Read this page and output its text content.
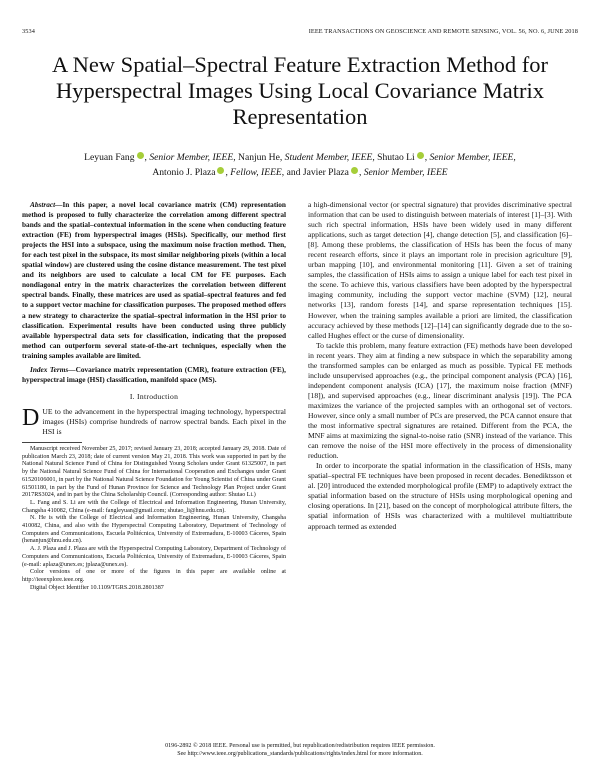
3534	IEEE TRANSACTIONS ON GEOSCIENCE AND REMOTE SENSING, VOL. 56, NO. 6, JUNE 2018
A New Spatial–Spectral Feature Extraction Method for Hyperspectral Images Using Local Covariance Matrix Representation
Leyuan Fang , Senior Member, IEEE, Nanjun He, Student Member, IEEE, Shutao Li , Senior Member, IEEE,
Antonio J. Plaza , Fellow, IEEE, and Javier Plaza , Senior Member, IEEE

Abstract—In this paper, a novel local covariance matrix (CM) representation method is proposed to fully characterize the correlation among different spectral bands and the spatial–contextual information in the scene when conducting feature extraction (FE) from hyperspectral images (HSIs). Specifically, our method first projects the HSI into a subspace, using the maximum noise fraction method. Then, for each test pixel in the subspace, its most similar neighboring pixels (within a local spatial window) are clustered using the cosine distance measurement. The test pixel and its neighbors are used to calculate a local CM for FE purposes. Each nondiagonal entry in the matrix characterizes the correlation between different spectral bands. Finally, these matrices are used as spatial–spectral features and fed to a support vector machine for classification purposes. The proposed method offers a new strategy to characterize the spatial–spectral information in the HSI prior to classification. Experimental results have been conducted using three publicly available hyperspectral data sets for classification, indicating that the proposed method can outperform several state-of-the-art techniques, especially when the training samples available are limited.

Index Terms—Covariance matrix representation (CMR), feature extraction (FE), hyperspectral image (HSI) classification, manifold space (MS).

I. Introduction

DUE to the advancement in the hyperspectral imaging technology, hyperspectral images (HSIs) comprise hundreds of narrow spectral bands. Each pixel in the HSI is

Manuscript received November 25, 2017; revised January 23, 2018; accepted January 29, 2018. Date of publication March 23, 2018; date of current version May 21, 2018. This work was supported in part by the National Natural Science Fund of China for Distinguished Young Scholars under Grant 61325007, in part by the National Natural Science Fund of China for International Cooperation and Exchanges under Grant 61520106001, in part by the National Natural Science Foundation for Young Scientist of China under Grant 61501180, in part by the Fund of Hunan Province for Science and Technology Plan Project under Grant 2017RS3024, and in part by the China Scholarship Council. (Corresponding author: Shutao Li.)

L. Fang and S. Li are with the College of Electrical and Information Engineering, Hunan University, Changsha 410082, China (e-mail: fangleyuan@gmail.com; shutao_li@hnu.edu.cn).

N. He is with the College of Electrical and Information Engineering, Hunan University, Changsha 410082, China, and also with the Hyperspectral Computing Laboratory, Department of Technology of Computers and Communications, Escuela Politécnica, University of Extremadura, E-10003 Cáceres, Spain (henanjun@hnu.edu.cn).

A. J. Plaza and J. Plaza are with the Hyperspectral Computing Laboratory, Department of Technology of Computers and Communications, Escuela Politécnica, University of Extremadura, E-10003 Cáceres, Spain (e-mail: aplaza@unex.es; jplaza@unex.es).

Color versions of one or more of the figures in this paper are available online at http://ieeexplore.ieee.org.

Digital Object Identifier 10.1109/TGRS.2018.2801387

a high-dimensional vector (or spectral signature) that provides discriminative spectral information that can be used to distinguish between materials of interest [1]–[3]. With such rich spectral information, HSIs have been widely used in many different applications, such as target detection [4], change detection [5], and classification [6]–[8]. Among these problems, the classification of HSIs has been the focus of many recent research efforts, since it plays an important role in precision agriculture [9], urban mapping [10], and environmental monitoring [11]. Given a set of training samples, the classification of HSIs aims to assign a unique label for each test pixel in the scene. To achieve this, various classifiers have been adopted by the hyperspectral imaging community, including the support vector machine (SVM) [12], neural networks [13], random forests [14], and sparse representation techniques [15]. However, when the training samples available a priori are limited, the classification accuracy achieved by these methods [12]–[14] can significantly degrade due to the so-called Hughes effect or the curse of dimensionality.

To tackle this problem, many feature extraction (FE) methods have been developed in recent years. They aim at finding a new subspace in which the separability among the transformed samples can be enlarged as much as possible. Typical FE methods include unsupervised approaches (e.g., the principal component analysis (PCA) [16], independent component analysis (ICA) [17], the maximum noise fraction (MNF) [18]), and supervised approaches (e.g., linear discriminant analysis [19]). The PCA maximizes the variance of the projected samples with an orthogonal set of vectors. However, since only a small number of PCs are preserved, the PCA cannot ensure that the most informative spectral signatures are retained. Different from the PCA, the MNF aims at maximizing the signal-to-noise ratio (SNR) instead of the variance. This can remove the noise of the HSI more effectively in the process of dimensionality reduction.

In order to incorporate the spatial information in the classification of HSIs, many spatial–spectral FE techniques have been proposed in recent decades. Benediktsson et al. [20] introduced the extended morphological profile (EMP) to adaptively extract the spatial information based on the structure of HSIs using morphological opening and closing operations. In [21], based on the concept of morphological attribute filters, the spatial information of HSIs was characterized with a multilevel multiattribute approach termed as extended

0196-2892 © 2018 IEEE. Personal use is permitted, but republication/redistribution requires IEEE permission.
See http://www.ieee.org/publications_standards/publications/rights/index.html for more information.
